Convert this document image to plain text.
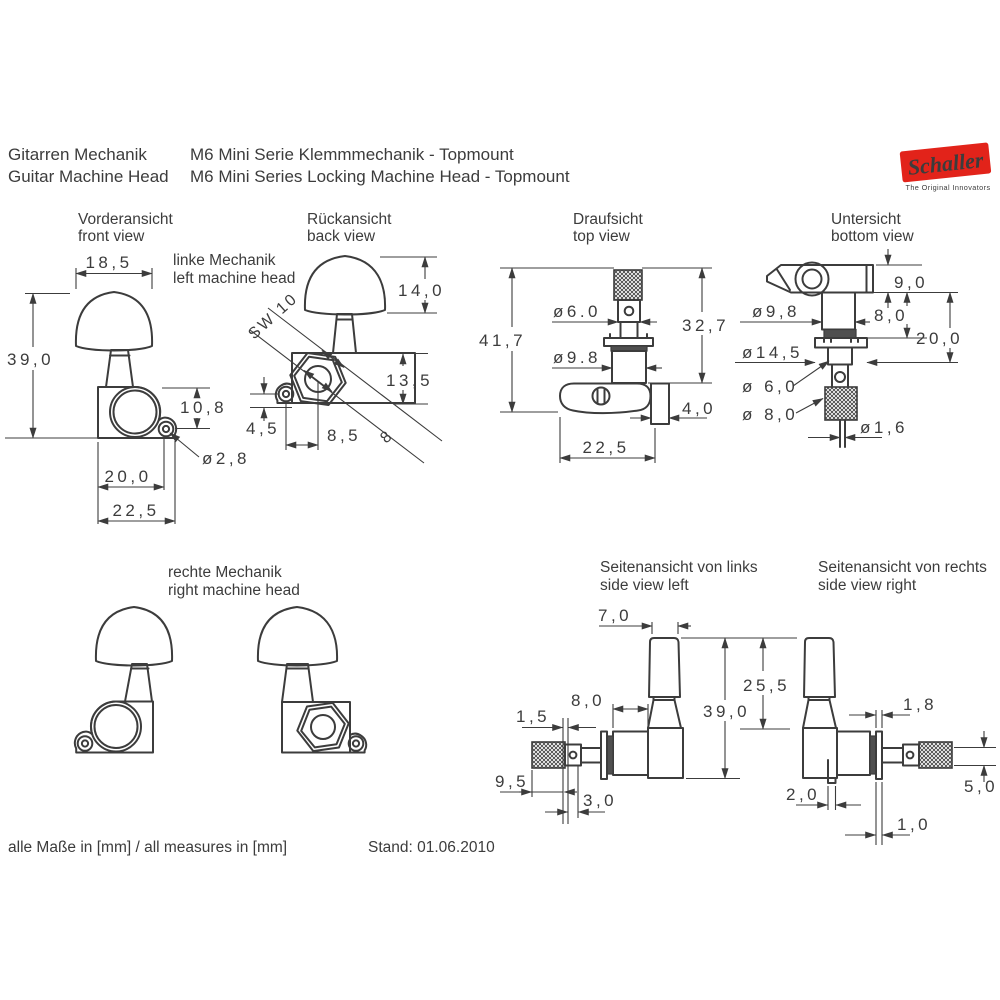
Gitarren Mechanik
Guitar Machine Head
M6 Mini Serie Klemmmechanik - Topmount
M6 Mini Series Locking Machine Head - Topmount	Schaller
The Original Innovators
Vorderansicht
front view
linke Mechanik
left machine head
18,5
39,0
10,8
ø2,8
20,0
22,5
Rückansicht
back view
14,0
13,5
4,5	8,5
SW 10
8
Draufsicht
top view
41,7
32,7
ø6.0
ø9.8
4,0
22,5
Untersicht
bottom view
9,0
ø9,8	8,0
20,0
ø14,5
ø 6,0
ø 8,0
ø1,6
rechte Mechanik
right machine head
Seitenansicht von links
side view left
7,0
25,5
39,0
8,0
1,5
9,5
3,0
Seitenansicht von rechts
side view right
1,8
2,0
1,0
5,0
alle Maße in [mm] / all measures in [mm]	Stand: 01.06.2010
